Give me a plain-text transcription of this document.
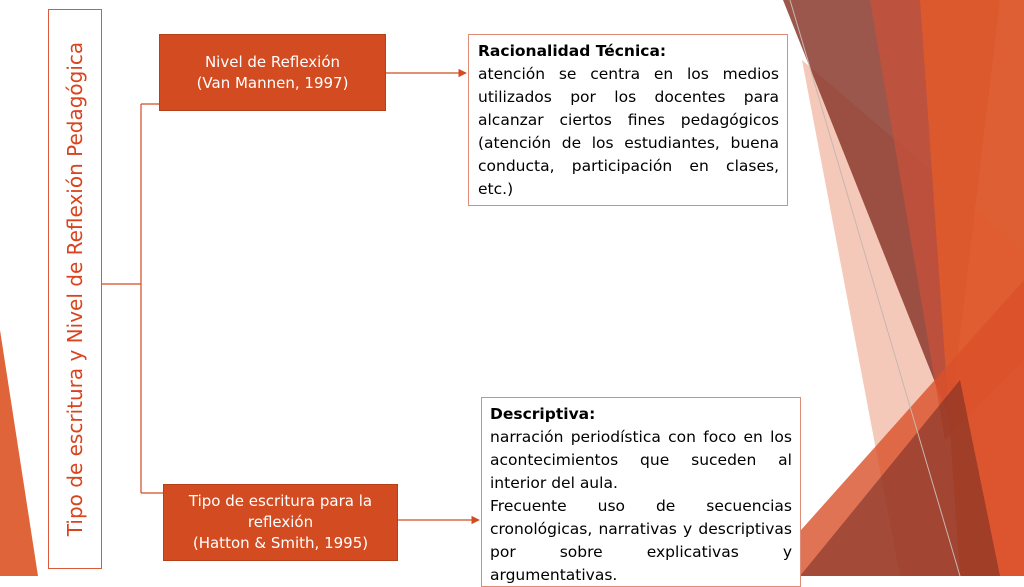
Tipo de escritura y Nivel de Reflexión Pedagógica	Nivel de Reflexión
(Van Mannen, 1997)
Tipo de escritura para la
reflexión
(Hatton & Smith, 1995)
Racionalidad Técnica:
atención se centra en los medios utilizados por los docentes para alcanzar ciertos fines pedagógicos (atención de los estudiantes, buena conducta, participación en clases, etc.)
Descriptiva:
narración periodística con foco en los acontecimientos que suceden al interior del aula.
Frecuente uso de secuencias cronológicas, narrativas y descriptivas por sobre explicativas y argumentativas.
